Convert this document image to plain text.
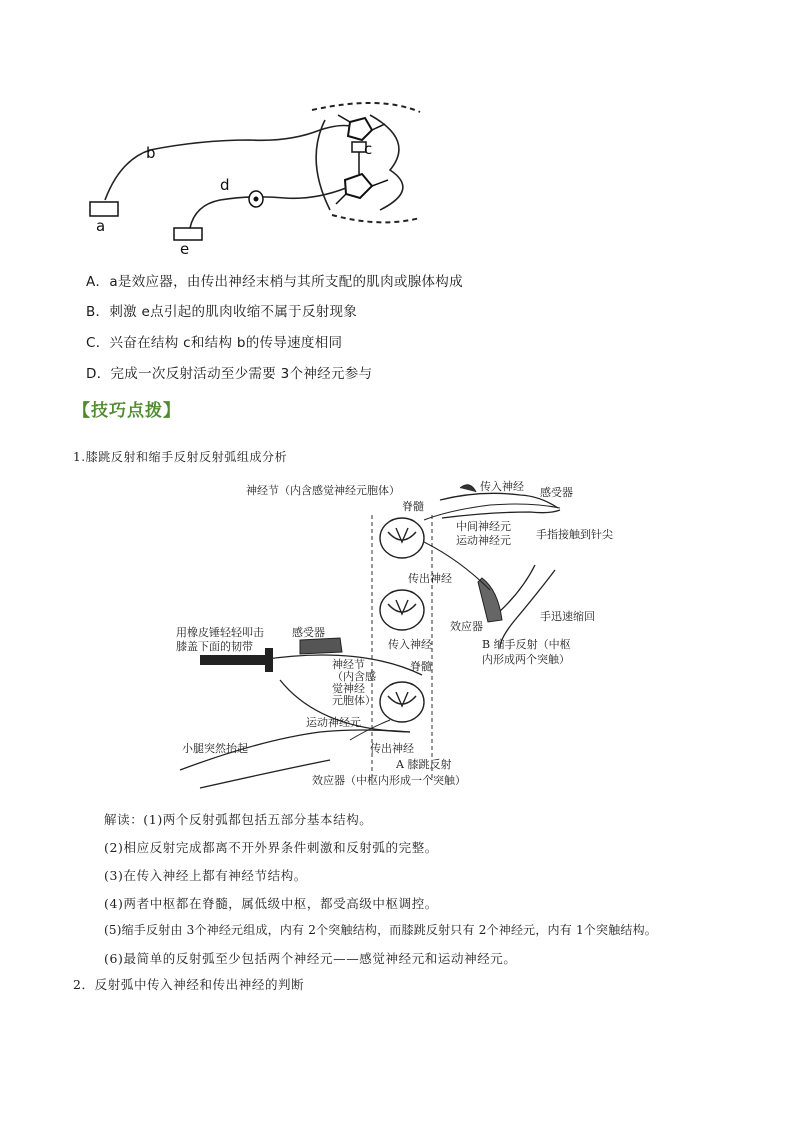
a
b	c
d
e
A．a是效应器，由传出神经末梢与其所支配的肌肉或腺体构成
B．刺激 e点引起的肌肉收缩不属于反射现象
C．兴奋在结构 c和结构 b的传导速度相同
D．完成一次反射活动至少需要 3个神经元参与
【技巧点拨】
1.膝跳反射和缩手反射反射弧组成分析
神经节（内含感觉神经元胞体）	传入神经 感受器
脊髓
中间神经元
运动神经元 手指接触到针尖
传出神经
效应器
手迅速缩回
用橡皮锤轻轻叩击
膝盖下面的韧带
感受器
传入神经	B 缩手反射（中枢
内形成两个突触）
神经节
（内含感
觉神经
元胞体）
脊髓
运动神经元
小腿突然抬起	传出神经
A 膝跳反射
效应器（中枢内形成一个突触）
解读：(1)两个反射弧都包括五部分基本结构。
(2)相应反射完成都离不开外界条件刺激和反射弧的完整。
(3)在传入神经上都有神经节结构。
(4)两者中枢都在脊髓，属低级中枢，都受高级中枢调控。
(5)缩手反射由 3个神经元组成，内有 2个突触结构，而膝跳反射只有 2个神经元，内有 1个突触结构。
(6)最简单的反射弧至少包括两个神经元——感觉神经元和运动神经元。
2．反射弧中传入神经和传出神经的判断
